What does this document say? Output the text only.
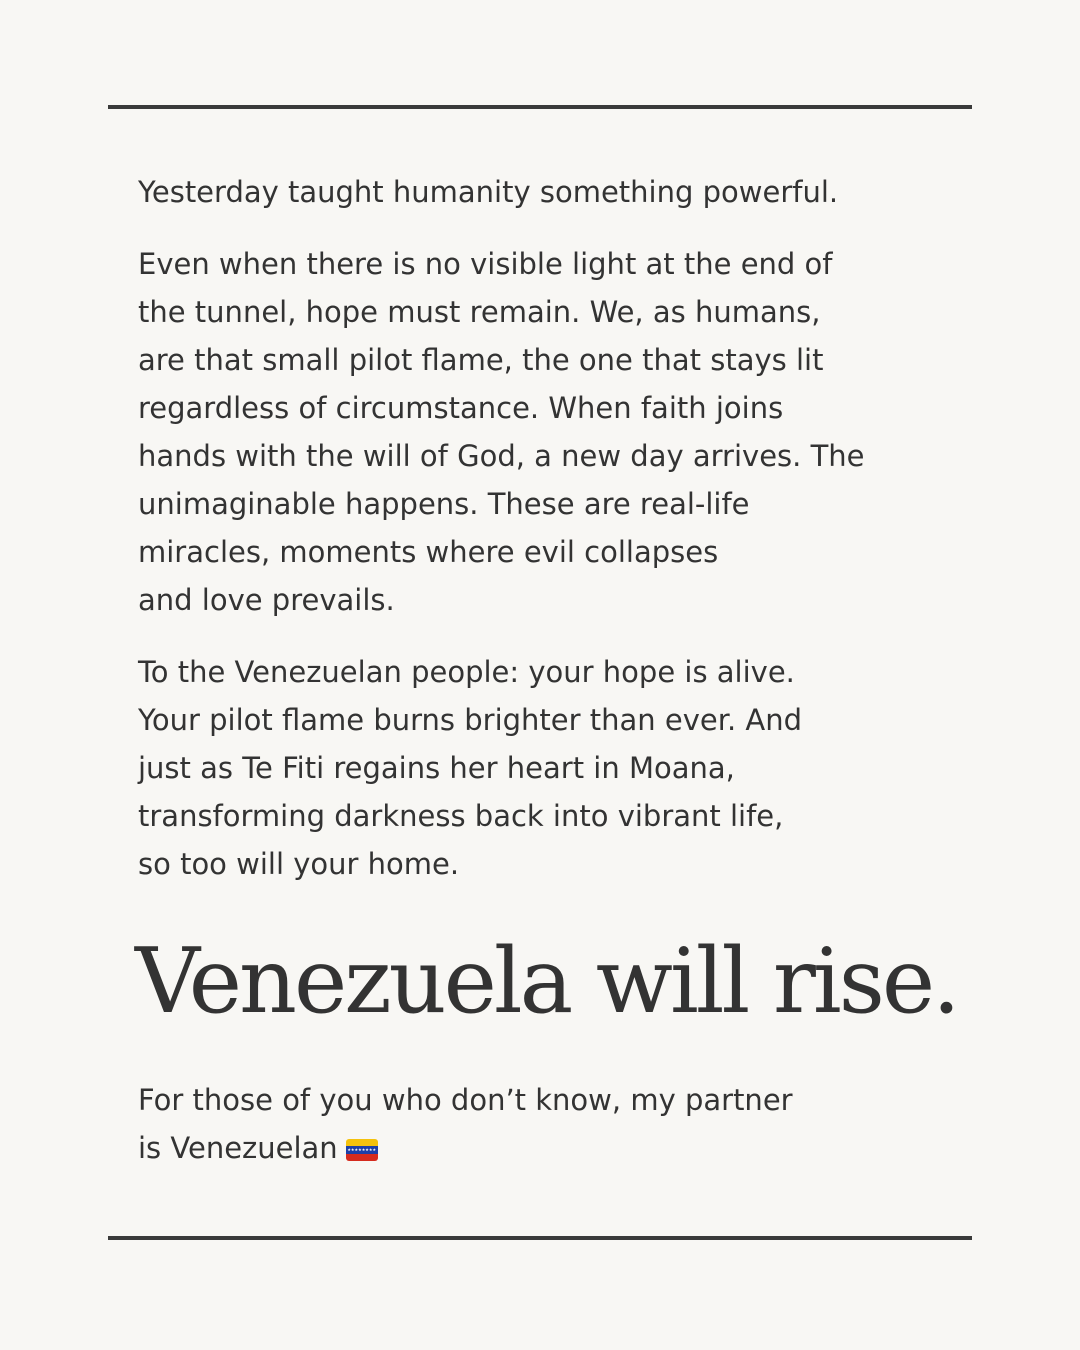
Yesterday taught humanity something powerful.

Even when there is no visible light at the end of
the tunnel, hope must remain. We, as humans,
are that small pilot flame, the one that stays lit
regardless of circumstance. When faith joins
hands with the will of God, a new day arrives. The
unimaginable happens. These are real-life
miracles, moments where evil collapses
and love prevails.

To the Venezuelan people: your hope is alive.
Your pilot flame burns brighter than ever. And
just as Te Fiti regains her heart in Moana,
transforming darkness back into vibrant life,
so too will your home.

Venezuela will rise.
For those of you who don’t know, my partner
is Venezuelan	★★★★★★★★
